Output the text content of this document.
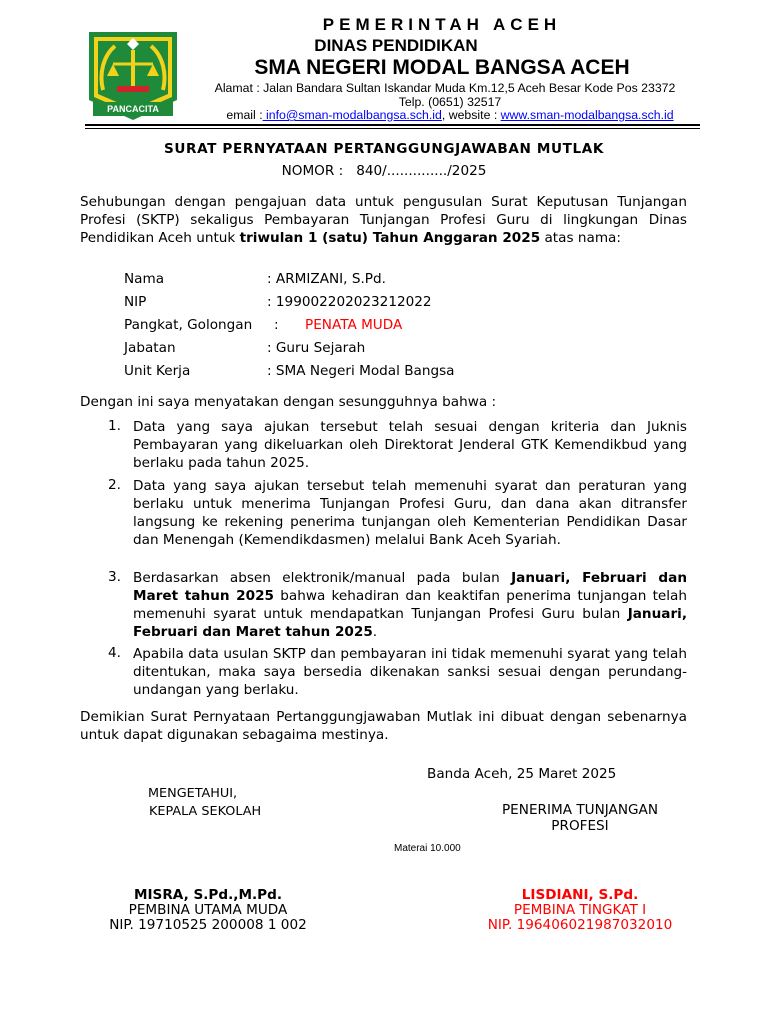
PANCACITA
PEMERINTAH ACEH
DINAS PENDIDIKAN
SMA NEGERI MODAL BANGSA ACEH
Alamat : Jalan Bandara Sultan Iskandar Muda Km.12,5 Aceh Besar Kode Pos 23372
Telp. (0651) 32517
email : info@sman-modalbangsa.sch.id, website : www.sman-modalbangsa.sch.id
SURAT PERNYATAAN PERTANGGUNGJAWABAN MUTLAK
NOMOR : 840/............../2025
Sehubungan dengan pengajuan data untuk pengusulan Surat Keputusan Tunjangan Profesi (SKTP) sekaligus Pembayaran Tunjangan Profesi Guru di lingkungan Dinas Pendidikan Aceh untuk triwulan 1 (satu) Tahun Anggaran 2025 atas nama:
Nama	: ARMIZANI, S.Pd.
NIP	: 199002202023212022
Pangkat, Golongan : PENATA MUDA
Jabatan	: Guru Sejarah
Unit Kerja	: SMA Negeri Modal Bangsa
Dengan ini saya menyatakan dengan sesungguhnya bahwa :
1. Data yang saya ajukan tersebut telah sesuai dengan kriteria dan Juknis Pembayaran yang dikeluarkan oleh Direktorat Jenderal GTK Kemendikbud yang berlaku pada tahun 2025.
2. Data yang saya ajukan tersebut telah memenuhi syarat dan peraturan yang berlaku untuk menerima Tunjangan Profesi Guru, dan dana akan ditransfer langsung ke rekening penerima tunjangan oleh Kementerian Pendidikan Dasar dan Menengah (Kemendikdasmen) melalui Bank Aceh Syariah.
3. Berdasarkan absen elektronik/manual pada bulan Januari, Februari dan Maret tahun 2025 bahwa kehadiran dan keaktifan penerima tunjangan telah memenuhi syarat untuk mendapatkan Tunjangan Profesi Guru bulan Januari, Februari dan Maret tahun 2025.
4. Apabila data usulan SKTP dan pembayaran ini tidak memenuhi syarat yang telah ditentukan, maka saya bersedia dikenakan sanksi sesuai dengan perundang-undangan yang berlaku.
Demikian Surat Pernyataan Pertanggungjawaban Mutlak ini dibuat dengan sebenarnya untuk dapat digunakan sebagaima mestinya.
Banda Aceh, 25 Maret 2025
MENGETAHUI,
KEPALA SEKOLAH
MISRA, S.Pd.,M.Pd.
PEMBINA UTAMA MUDA
NIP. 19710525 200008 1 002
PENERIMA TUNJANGAN
PROFESI
Materai 10.000
LISDIANI, S.Pd.
PEMBINA TINGKAT I
NIP. 196406021987032010
